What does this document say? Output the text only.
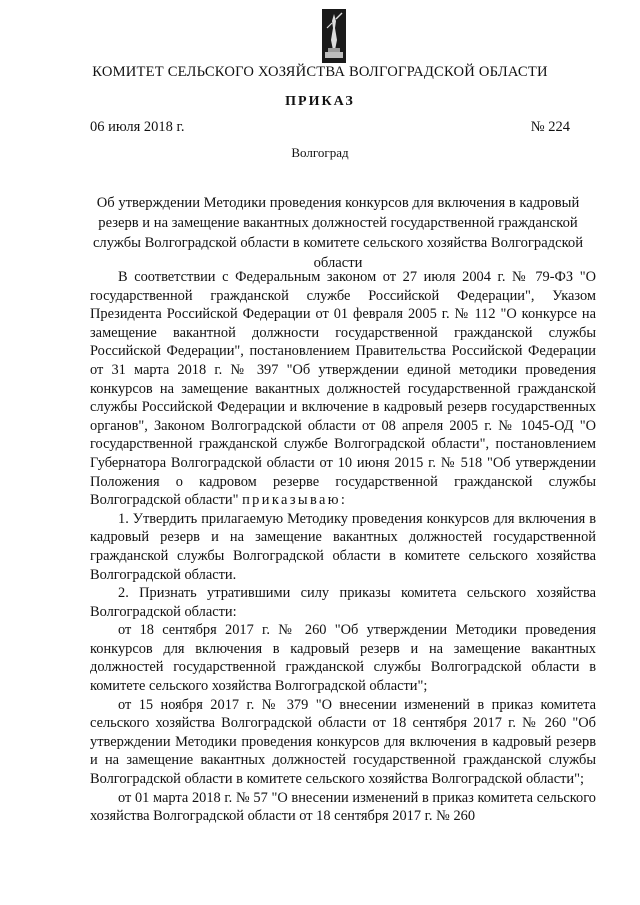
КОМИТЕТ СЕЛЬСКОГО ХОЗЯЙСТВА ВОЛГОГРАДСКОЙ ОБЛАСТИ
ПРИКАЗ
06 июля 2018 г.	№ 224
Волгоград
Об утверждении Методики проведения конкурсов для включения в кадровый резерв и на замещение вакантных должностей государственной гражданской службы Волгоградской области в комитете сельского хозяйства Волгоградской области

В соответствии с Федеральным законом от 27 июля 2004 г. № 79-ФЗ "О государственной гражданской службе Российской Федерации", Указом Президента Российской Федерации от 01 февраля 2005 г. № 112 "О конкурсе на замещение вакантной должности государственной гражданской службы Российской Федерации", постановлением Правительства Российской Федерации от 31 марта 2018 г. № 397 "Об утверждении единой методики проведения конкурсов на замещение вакантных должностей государственной гражданской службы Российской Федерации и включение в кадровый резерв государственных органов", Законом Волгоградской области от 08 апреля 2005 г. № 1045-ОД "О государственной гражданской службе Волгоградской области", постановлением Губернатора Волгоградской области от 10 июня 2015 г. № 518 "Об утверждении Положения о кадровом резерве государственной гражданской службы Волгоградской области" приказываю:

1. Утвердить прилагаемую Методику проведения конкурсов для включения в кадровый резерв и на замещение вакантных должностей государственной гражданской службы Волгоградской области в комитете сельского хозяйства Волгоградской области.

2. Признать утратившими силу приказы комитета сельского хозяйства Волгоградской области:

от 18 сентября 2017 г. № 260 "Об утверждении Методики проведения конкурсов для включения в кадровый резерв и на замещение вакантных должностей государственной гражданской службы Волгоградской области в комитете сельского хозяйства Волгоградской области";

от 15 ноября 2017 г. № 379 "О внесении изменений в приказ комитета сельского хозяйства Волгоградской области от 18 сентября 2017 г. № 260 "Об утверждении Методики проведения конкурсов для включения в кадровый резерв и на замещение вакантных должностей государственной гражданской службы Волгоградской области в комитете сельского хозяйства Волгоградской области";

от 01 марта 2018 г. № 57 "О внесении изменений в приказ комитета сельского хозяйства Волгоградской области от 18 сентября 2017 г. № 260
